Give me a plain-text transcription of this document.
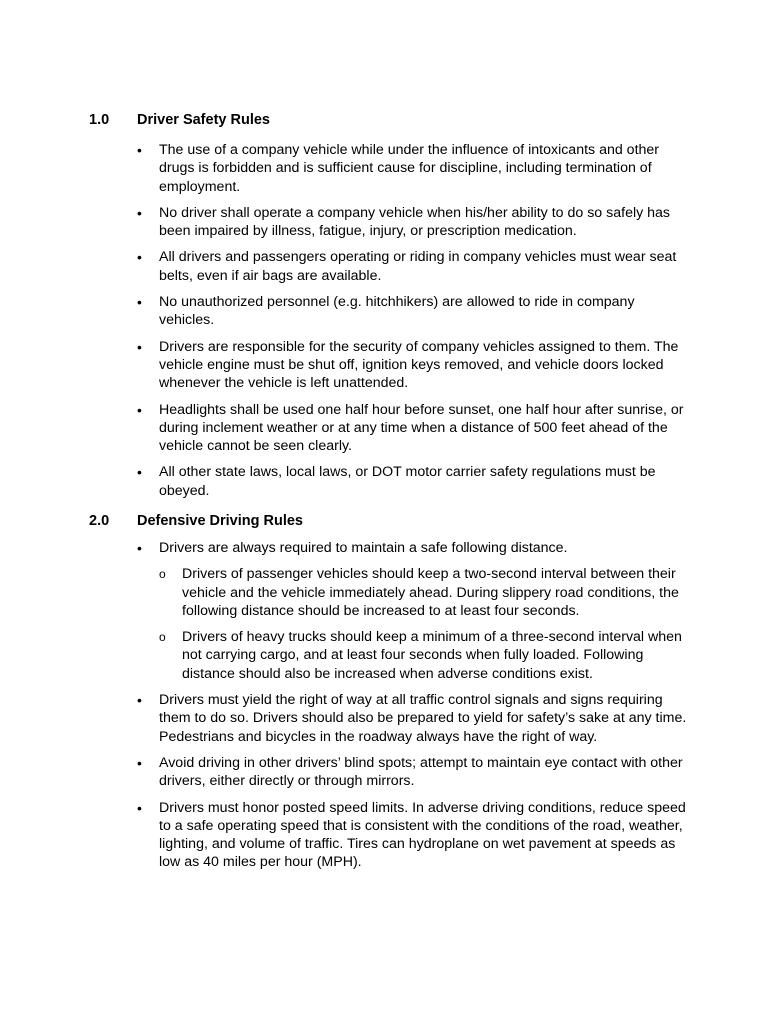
1.0 Driver Safety Rules
• The use of a company vehicle while under the influence of intoxicants and other drugs is forbidden and is sufficient cause for discipline, including termination of employment.
• No driver shall operate a company vehicle when his/her ability to do so safely has been impaired by illness, fatigue, injury, or prescription medication.
• All drivers and passengers operating or riding in company vehicles must wear seat belts, even if air bags are available.
• No unauthorized personnel (e.g. hitchhikers) are allowed to ride in company vehicles.
• Drivers are responsible for the security of company vehicles assigned to them. The vehicle engine must be shut off, ignition keys removed, and vehicle doors locked whenever the vehicle is left unattended.
• Headlights shall be used one half hour before sunset, one half hour after sunrise, or during inclement weather or at any time when a distance of 500 feet ahead of the vehicle cannot be seen clearly.
• All other state laws, local laws, or DOT motor carrier safety regulations must be obeyed.
2.0 Defensive Driving Rules
• Drivers are always required to maintain a safe following distance.
o Drivers of passenger vehicles should keep a two-second interval between their vehicle and the vehicle immediately ahead. During slippery road conditions, the following distance should be increased to at least four seconds.
o Drivers of heavy trucks should keep a minimum of a three-second interval when not carrying cargo, and at least four seconds when fully loaded. Following distance should also be increased when adverse conditions exist.
• Drivers must yield the right of way at all traffic control signals and signs requiring them to do so. Drivers should also be prepared to yield for safety’s sake at any time. Pedestrians and bicycles in the roadway always have the right of way.
• Avoid driving in other drivers’ blind spots; attempt to maintain eye contact with other drivers, either directly or through mirrors.
• Drivers must honor posted speed limits. In adverse driving conditions, reduce speed to a safe operating speed that is consistent with the conditions of the road, weather, lighting, and volume of traffic. Tires can hydroplane on wet pavement at speeds as low as 40 miles per hour (MPH).
